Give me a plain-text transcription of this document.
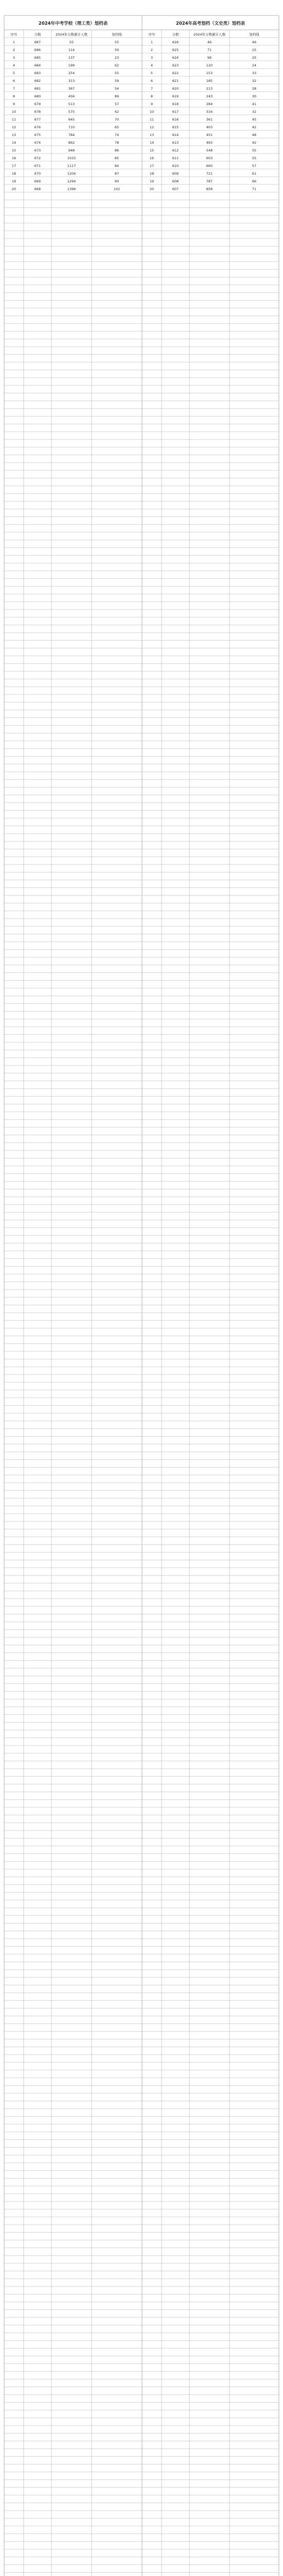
2024年中考学校（理工类）划档表	2024年高考划档（文史类）划档表
序号	分数	2024年分数累计人数	划档线	序号	分数	2024年分数累计人数	划档线
1	687	55	55
2	686	114	59
3	685	137	23
4	684	199	62
5	683	254	55
6	682	313	59
7	681	367	54
8	680	456	89
9	679	513	57
10	678	575	62
11	677	645	70
12	676	710	65
13	675	784	74
14	674	862	78
15	673	948	86
16	672	1033	85
17	671	1117	84
18	670	1204	87
19	669	1294	90
20	668	1396	102
1	626	46	46
2	625	71	25
3	624	96	25
4	623	120	24
5	622	153	33
6	621	185	32
7	620	213	28
8	619	243	30
9	618	284	41
10	617	316	32
11	616	361	45
12	615	403	42
13	614	451	48
14	613	493	42
15	612	548	55
16	611	603	55
17	610	660	57
18	609	721	61
19	608	787	66
20	607	858	71
